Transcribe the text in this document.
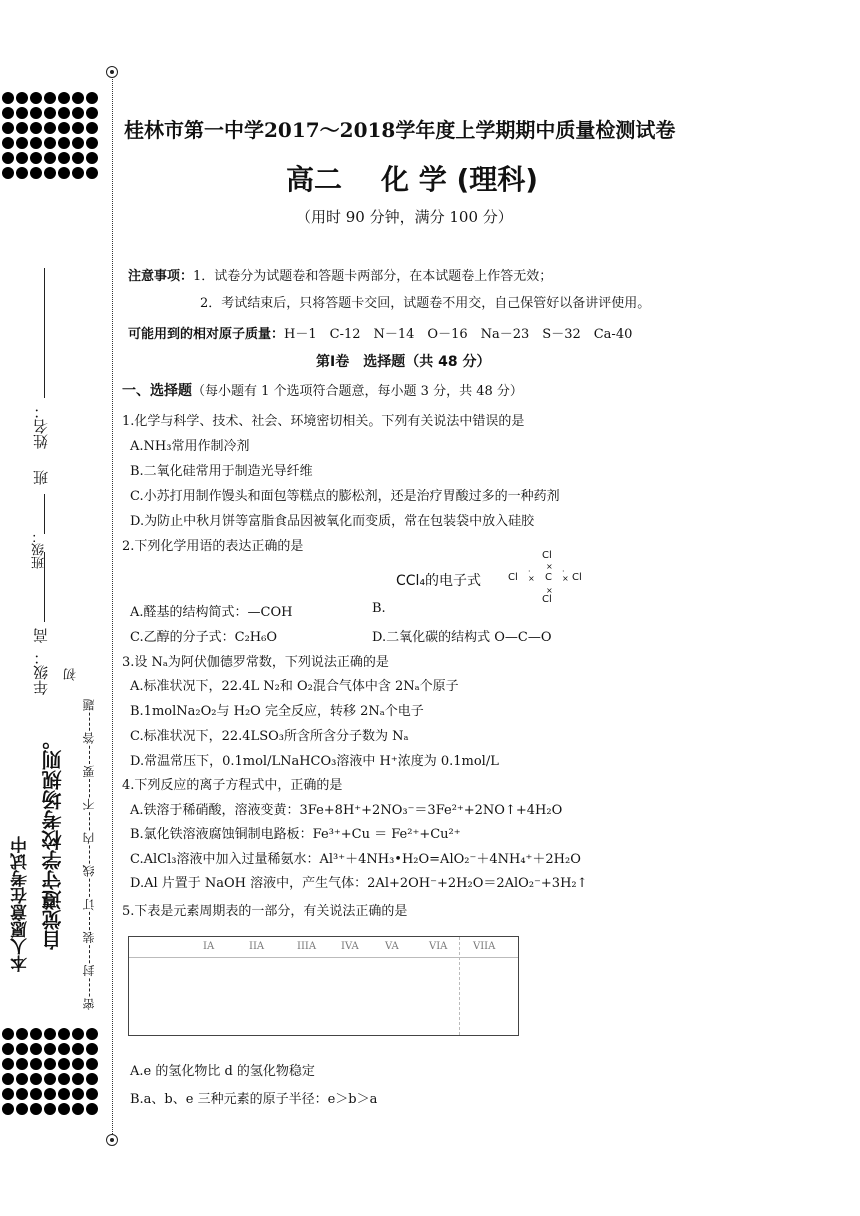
密----封----装----订----线----内----不----要----答----题
初
高
年级：
班
班级：
姓名：
本人愿意在考试中 自觉遵守学校考场规则。
桂林市第一中学2017～2018学年度上学期期中质量检测试卷
高二    化 学 (理科)
（用时 90 分钟，满分 100 分）
注意事项：1．试卷分为试题卷和答题卡两部分，在本试题卷上作答无效；
2．考试结束后，只将答题卡交回，试题卷不用交，自己保管好以备讲评使用。
可能用到的相对原子质量：H－1　C-12　N－14　O－16　Na－23　S－32　Ca-40
第Ⅰ卷　选择题（共 48 分）
一、选择题（每小题有 1 个选项符合题意，每小题 3 分，共 48 分）
1.化学与科学、技术、社会、环境密切相关。下列有关说法中错误的是
A.NH₃常用作制冷剂
B.二氧化硅常用于制造光导纤维
C.小苏打用制作馒头和面包等糕点的膨松剂，还是治疗胃酸过多的一种药剂
D.为防止中秋月饼等富脂食品因被氧化而变质，常在包装袋中放入硅胶
2.下列化学用语的表达正确的是
CCl₄的电子式	Cl
Cl
C
Cl
Cl
·
×
·
×
×
×
A.醛基的结构简式：—COH	B.
C.乙醇的分子式：C₂H₆O	D.二氧化碳的结构式 O—C—O
3.设 Nₐ为阿伏伽德罗常数，下列说法正确的是
A.标准状况下，22.4L N₂和 O₂混合气体中含 2Nₐ个原子
B.1molNa₂O₂与 H₂O 完全反应，转移 2Nₐ个电子
C.标准状况下，22.4LSO₃所含所含分子数为 Nₐ
D.常温常压下，0.1mol/LNaHCO₃溶液中 H⁺浓度为 0.1mol/L
4.下列反应的离子方程式中，正确的是
A.铁溶于稀硝酸，溶液变黄：3Fe+8H⁺+2NO₃⁻＝3Fe²⁺+2NO↑+4H₂O
B.氯化铁溶液腐蚀铜制电路板：Fe³⁺+Cu ＝ Fe²⁺+Cu²⁺
C.AlCl₃溶液中加入过量稀氨水：Al³⁺＋4NH₃•H₂O=AlO₂⁻＋4NH₄⁺＋2H₂O
D.Al 片置于 NaOH 溶液中，产生气体：2Al+2OH⁻+2H₂O＝2AlO₂⁻+3H₂↑
5.下表是元素周期表的一部分，有关说法正确的是
IA	IIA	IIIA IVA	VA	VIA	VIIA
A.e 的氢化物比 d 的氢化物稳定
B.a、b、e 三种元素的原子半径：e＞b＞a
